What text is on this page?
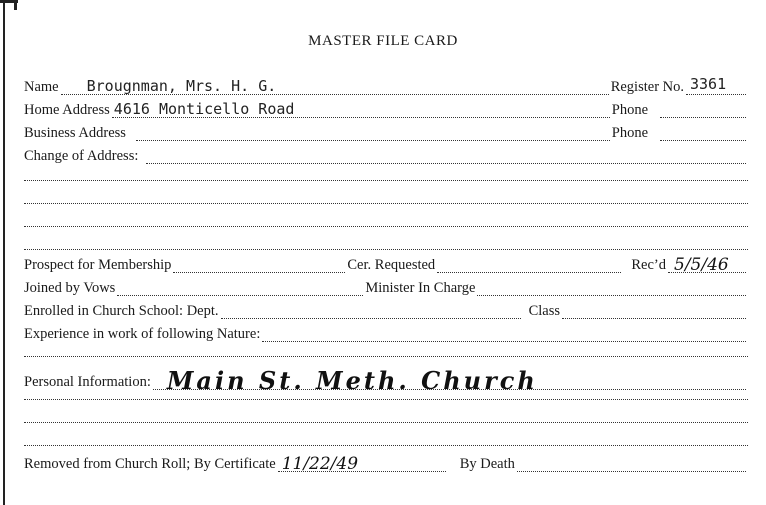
MASTER FILE CARD
Name Brougnman, Mrs. H. G.	Register No. 3361
Home Address 4616 Monticello Road	Phone
Business Address	Phone
Change of Address:
Prospect for Membership	Cer. Requested	Rec’d 5/5/46
Joined by Vows	Minister In Charge
Enrolled in Church School: Dept.	Class
Experience in work of following Nature:
Personal Information: Main St. Meth. Church
Removed from Church Roll; By Certificate 11/22/49	By Death
